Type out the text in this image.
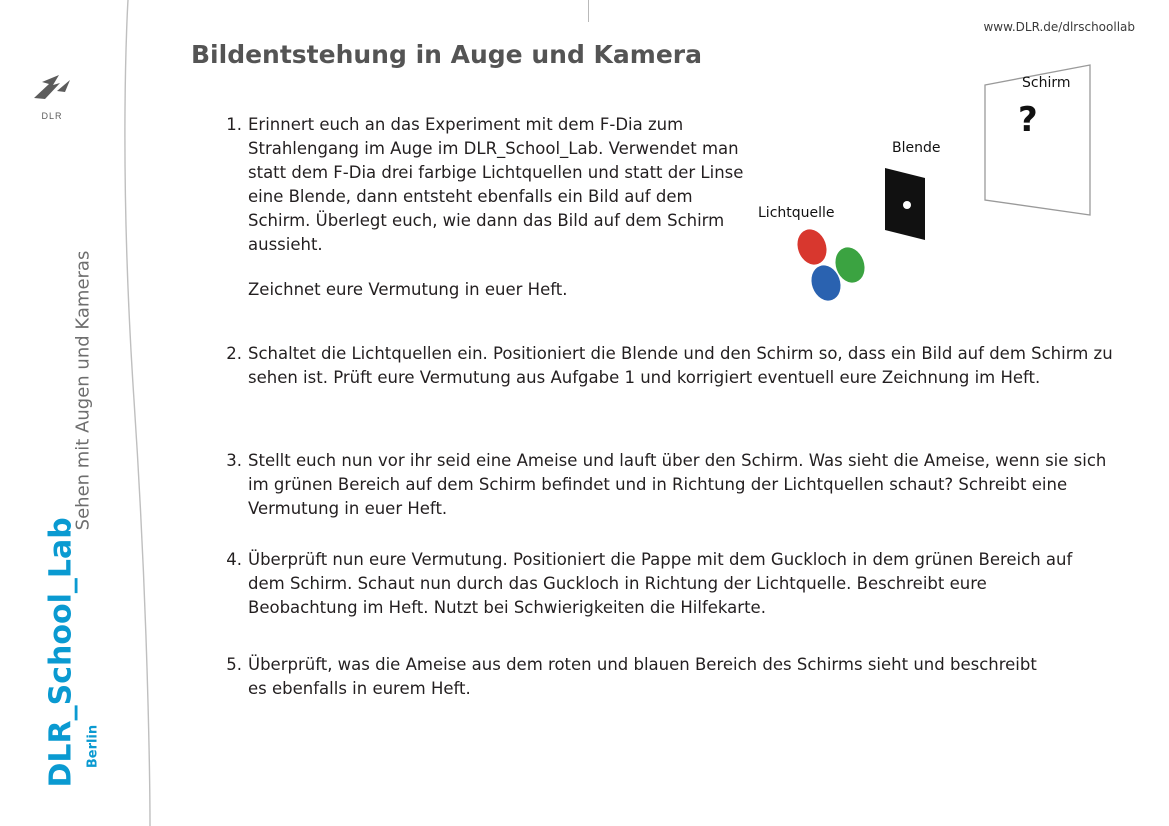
DLR
Sehen mit Augen und Kameras
DLR_School_Lab Berlin
www.DLR.de/dlrschoollab
Bildentstehung in Auge und Kamera
1. Erinnert euch an das Experiment mit dem F-Dia zum Strahlengang im Auge im DLR_School_Lab. Verwendet man statt dem F-Dia drei farbige Lichtquellen und statt der Linse eine Blende, dann entsteht ebenfalls ein Bild auf dem Schirm. Überlegt euch, wie dann das Bild auf dem Schirm aussieht.

Zeichnet eure Vermutung in euer Heft.

2. Schaltet die Lichtquellen ein. Positioniert die Blende und den Schirm so, dass ein Bild auf dem Schirm zu sehen ist. Prüft eure Vermutung aus Aufgabe 1 und korrigiert eventuell eure Zeichnung im Heft.

3. Stellt euch nun vor ihr seid eine Ameise und lauft über den Schirm. Was sieht die Ameise, wenn sie sich im grünen Bereich auf dem Schirm befindet und in Richtung der Lichtquellen schaut? Schreibt eine Vermutung in euer Heft.

4. Überprüft nun eure Vermutung. Positioniert die Pappe mit dem Guckloch in dem grünen Bereich auf dem Schirm. Schaut nun durch das Guckloch in Richtung der Lichtquelle. Beschreibt eure Beobachtung im Heft. Nutzt bei Schwierigkeiten die Hilfekarte.

5. Überprüft, was die Ameise aus dem roten und blauen Bereich des Schirms sieht und beschreibt es ebenfalls in eurem Heft.

Schirm
Blende
Lichtquelle
?
